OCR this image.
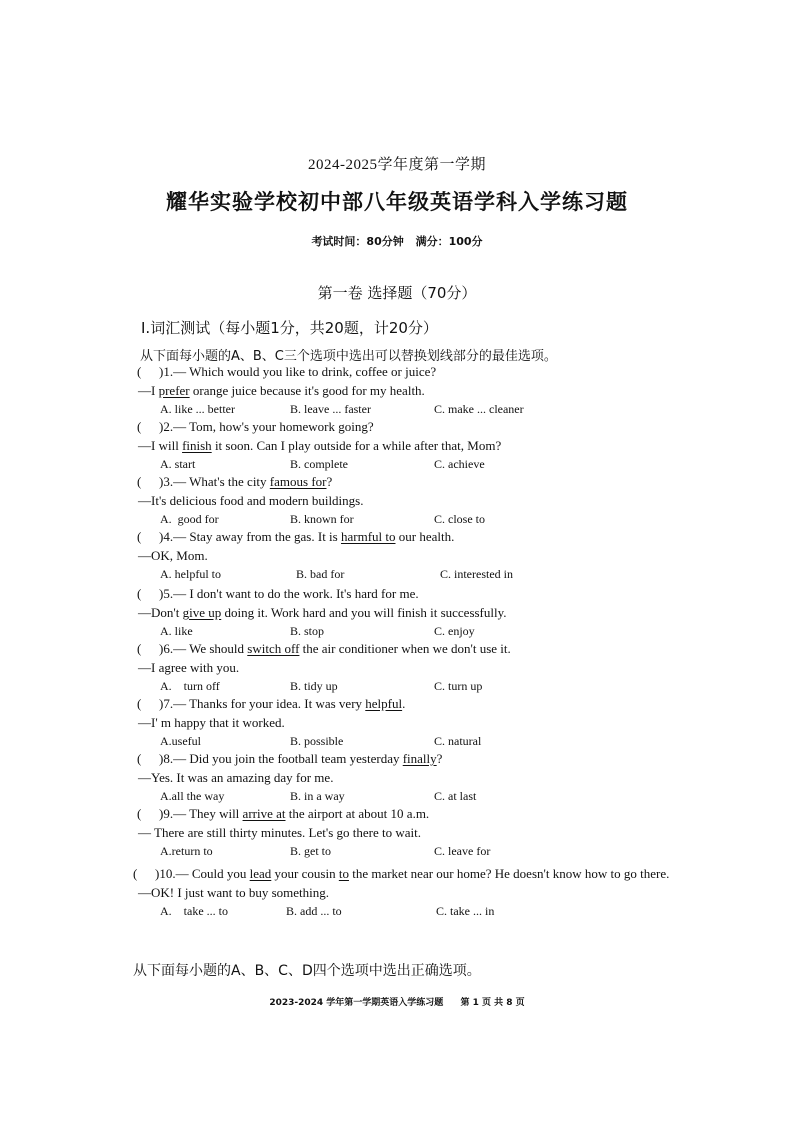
2024-2025学年度第一学期
耀华实验学校初中部八年级英语学科入学练习题
考试时间：80分钟 满分：100分
第一卷 选择题（70分）
Ⅰ.词汇测试（每小题1分，共20题，计20分）
从下面每小题的A、B、C三个选项中选出可以替换划线部分的最佳选项。
( )1.— Which would you like to drink, coffee or juice?
—I prefer orange juice because it's good for my health.
A. like ... better	B. leave ... faster	C. make ... cleaner
( )2.— Tom, how's your homework going?
—I will finish it soon. Can I play outside for a while after that, Mom?
A. start	B. complete	C. achieve
( )3.— What's the city famous for?
—It's delicious food and modern buildings.
A.  good for	B. known for	C. close to
( )4.— Stay away from the gas. It is harmful to our health.
—OK, Mom.
A. helpful to	B. bad for	C. interested in
( )5.— I don't want to do the work. It's hard for me.
—Don't give up doing it. Work hard and you will finish it successfully.
A. like	B. stop	C. enjoy
( )6.— We should switch off the air conditioner when we don't use it.
—I agree with you.
A.    turn off	B. tidy up	C. turn up
( )7.— Thanks for your idea. It was very helpful.
—I' m happy that it worked.
A.useful	B. possible	C. natural
( )8.— Did you join the football team yesterday finally?
—Yes. It was an amazing day for me.
A.all the way	B. in a way	C. at last
( )9.— They will arrive at the airport at about 10 a.m.
— There are still thirty minutes. Let's go there to wait.
A.return to	B. get to	C. leave for
( )10.— Could you lead your cousin to the market near our home? He doesn't know how to go there.
—OK! I just want to buy something.
A.    take ... to	B. add ... to	C. take ... in
从下面每小题的A、B、C、D四个选项中选出正确选项。
2023-2024 学年第一学期英语入学练习题 第 1 页 共 8 页
